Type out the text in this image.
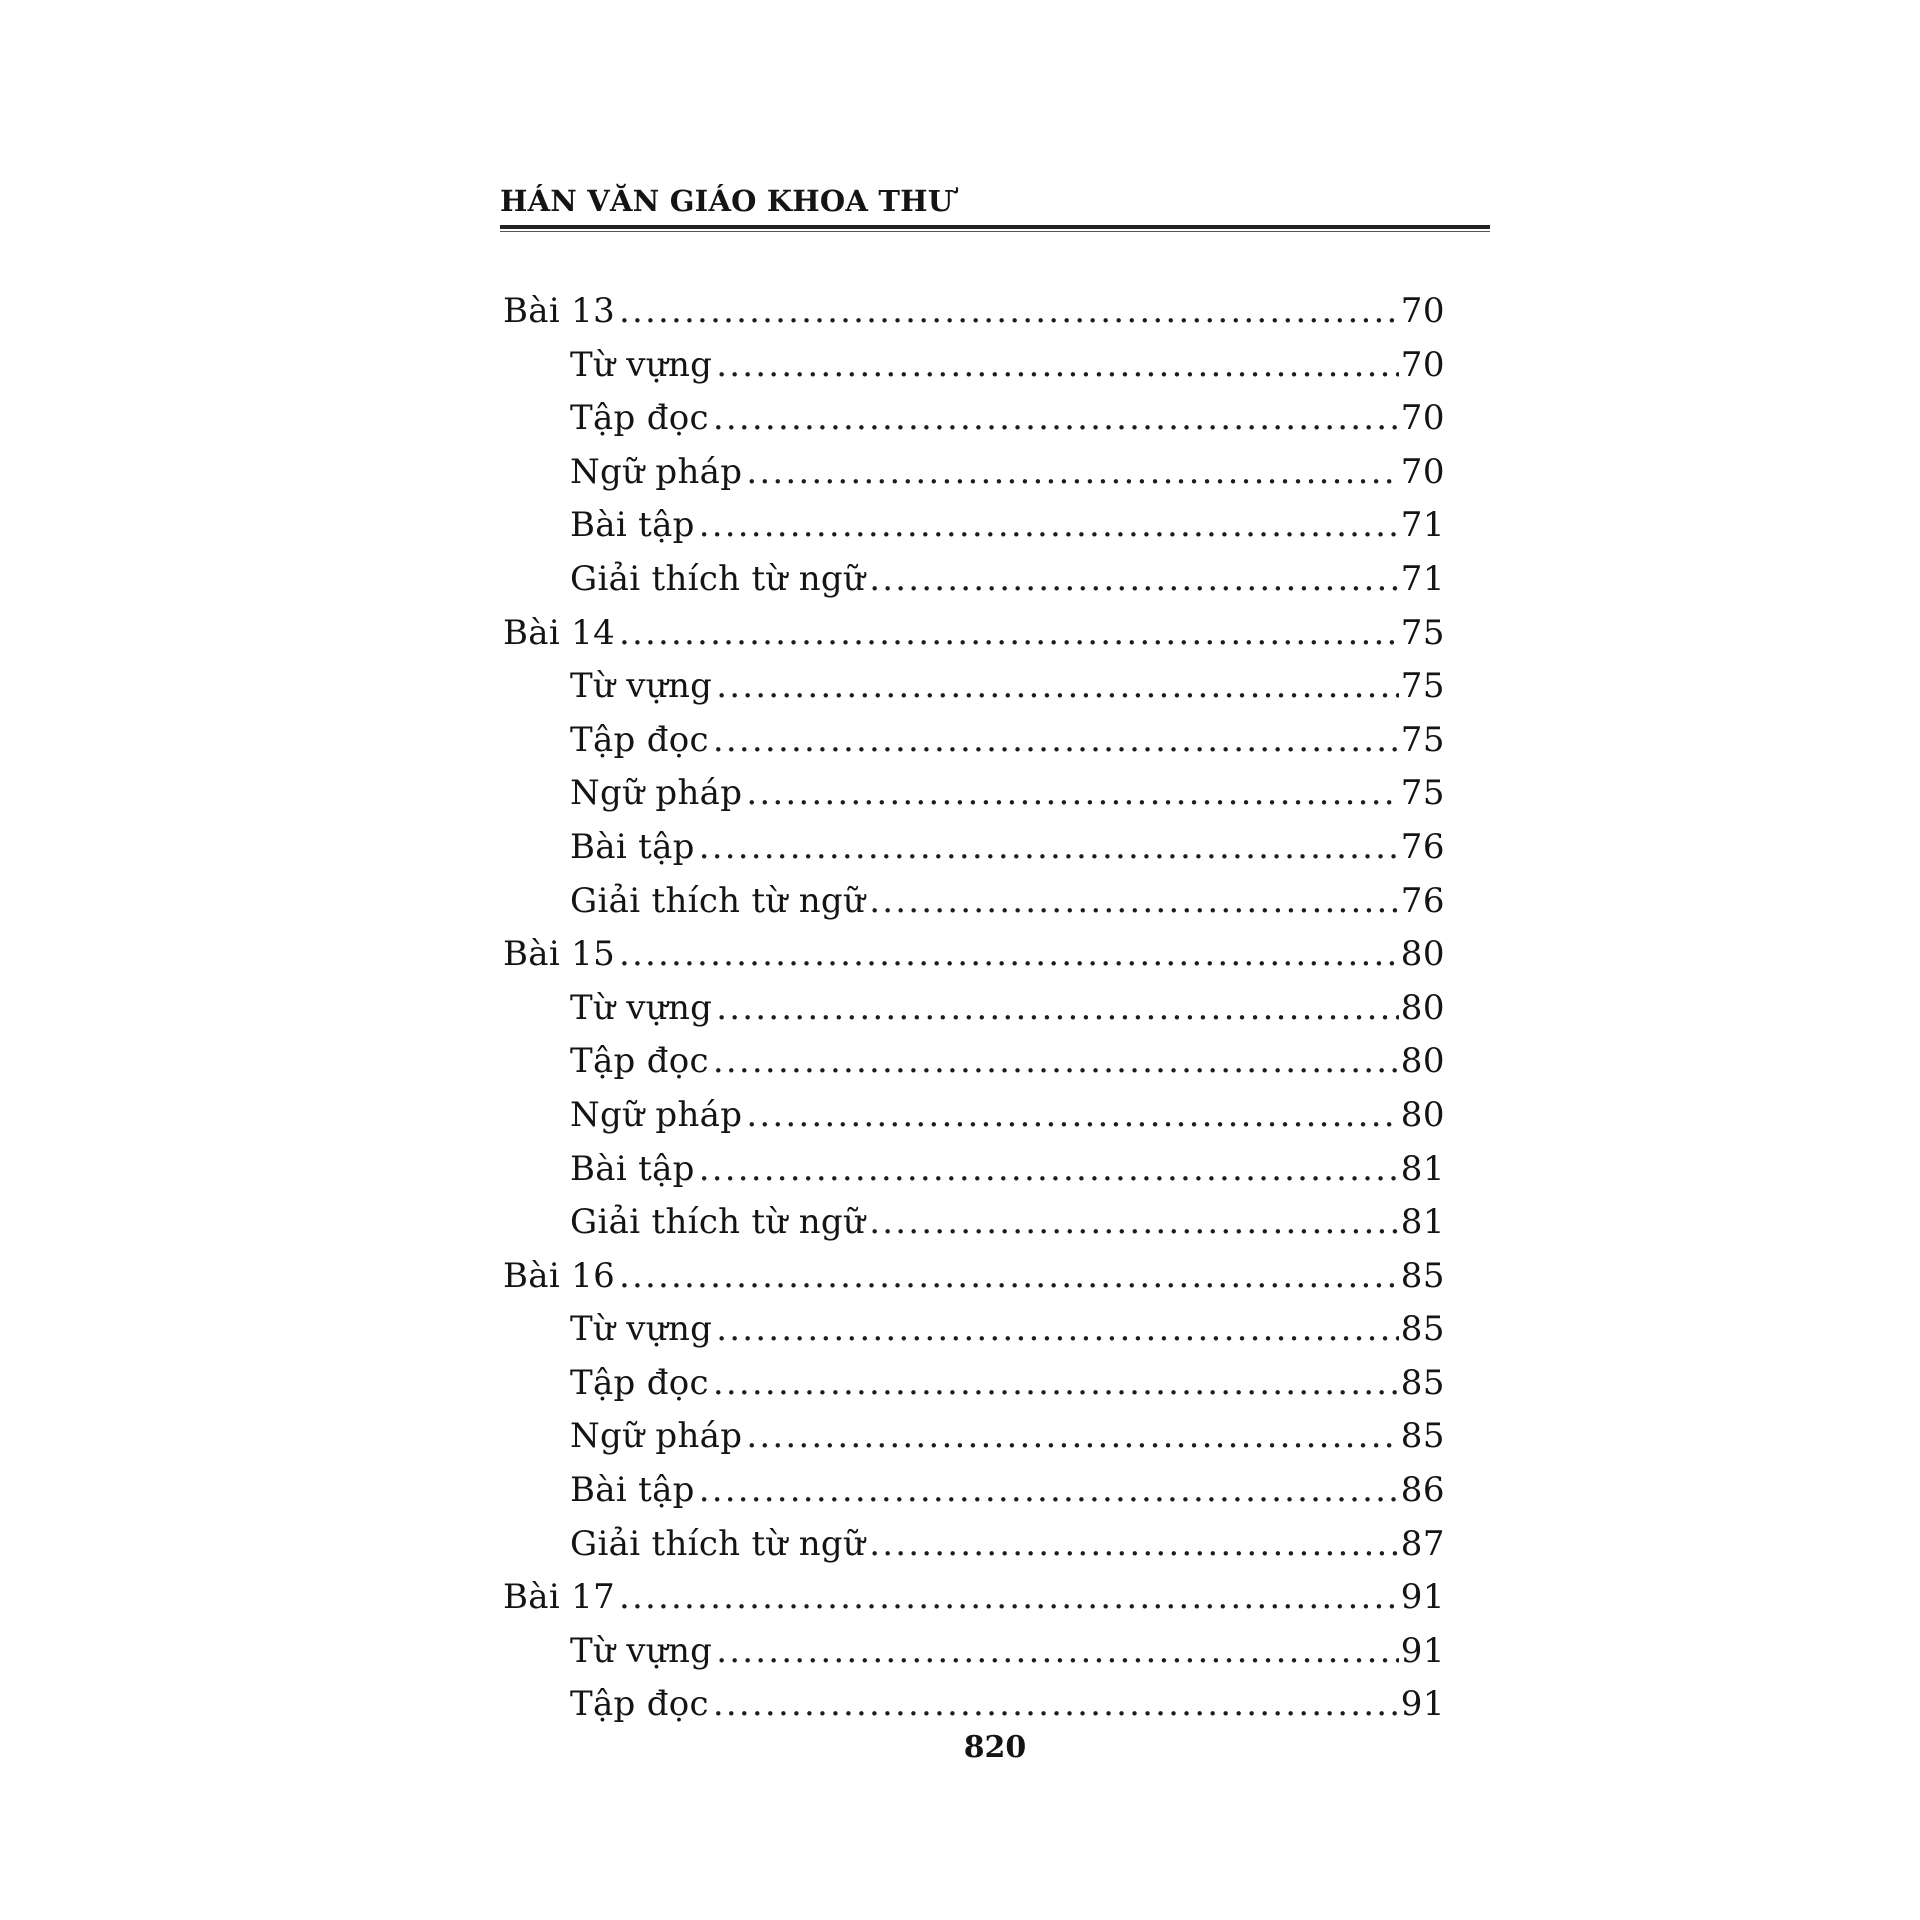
HÁN VĂN GIÁO KHOA THƯ
Bài 13 .....	70
Từ vựng .....	70
Tập đọc .....	70
Ngữ pháp .....	70
Bài tập .....	71
Giải thích từ ngữ .....	71
Bài 14 .....	75
Từ vựng .....	75
Tập đọc .....	75
Ngữ pháp .....	75
Bài tập .....	76
Giải thích từ ngữ .....	76
Bài 15 .....	80
Từ vựng .....	80
Tập đọc .....	80
Ngữ pháp .....	80
Bài tập .....	81
Giải thích từ ngữ .....	81
Bài 16 .....	85
Từ vựng .....	85
Tập đọc .....	85
Ngữ pháp .....	85
Bài tập .....	86
Giải thích từ ngữ .....	87
Bài 17 .....	91
Từ vựng .....	91
Tập đọc .....	91
820
